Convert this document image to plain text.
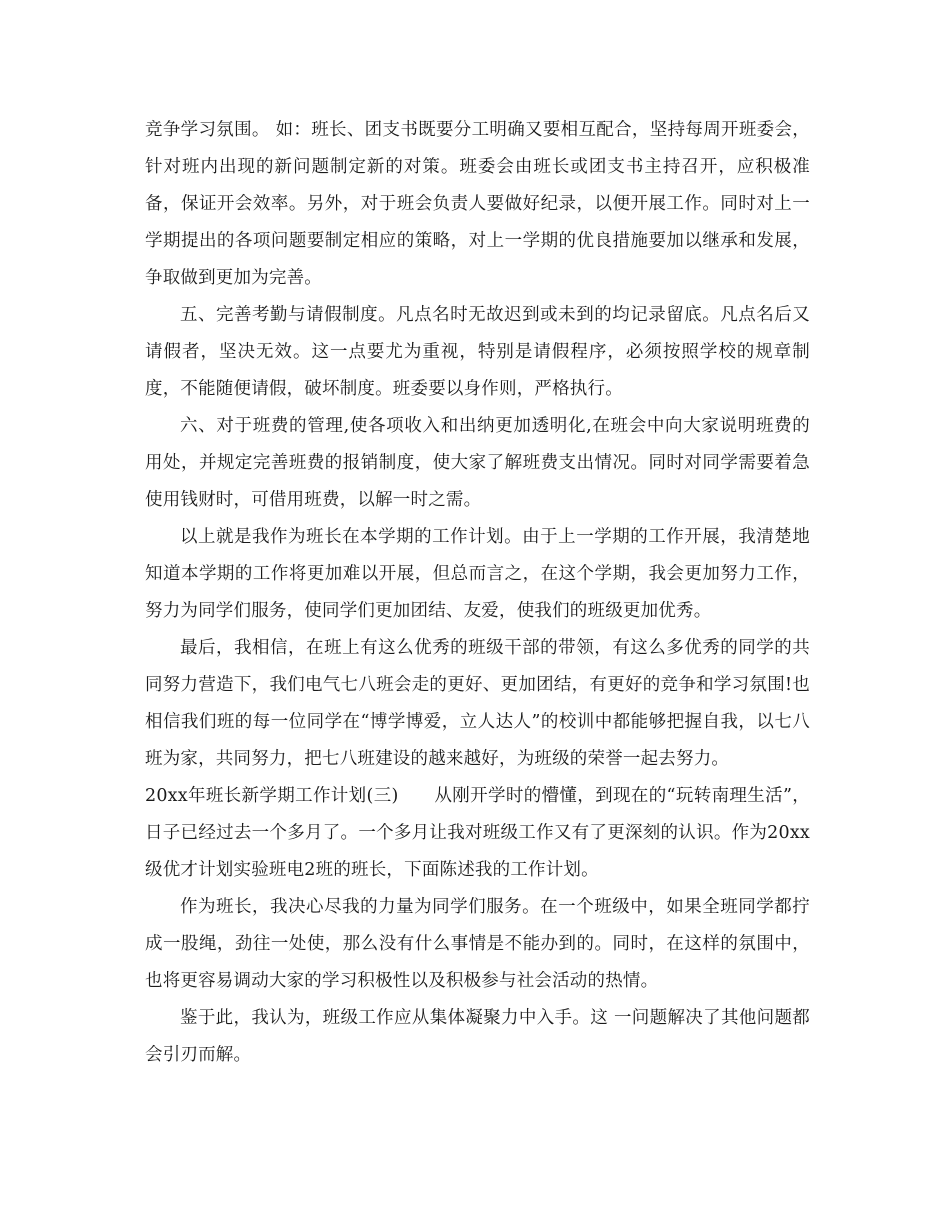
竞争学习氛围。 如：班长、团支书既要分工明确又要相互配合，坚持每周开班委会，针对班内出现的新问题制定新的对策。班委会由班长或团支书主持召开，应积极准备，保证开会效率。另外，对于班会负责人要做好纪录，以便开展工作。同时对上一学期提出的各项问题要制定相应的策略，对上一学期的优良措施要加以继承和发展，争取做到更加为完善。

五、完善考勤与请假制度。凡点名时无故迟到或未到的均记录留底。凡点名后又请假者，坚决无效。这一点要尤为重视，特别是请假程序，必须按照学校的规章制度，不能随便请假，破坏制度。班委要以身作则，严格执行。

六、对于班费的管理,使各项收入和出纳更加透明化,在班会中向大家说明班费的用处，并规定完善班费的报销制度，使大家了解班费支出情况。同时对同学需要着急使用钱财时，可借用班费，以解一时之需。

以上就是我作为班长在本学期的工作计划。由于上一学期的工作开展，我清楚地知道本学期的工作将更加难以开展，但总而言之，在这个学期，我会更加努力工作，努力为同学们服务，使同学们更加团结、友爱，使我们的班级更加优秀。

最后，我相信，在班上有这么优秀的班级干部的带领，有这么多优秀的同学的共同努力营造下，我们电气七八班会走的更好、更加团结，有更好的竞争和学习氛围!也相信我们班的每一位同学在“博学博爱，立人达人”的校训中都能够把握自我，以七八班为家，共同努力，把七八班建设的越来越好，为班级的荣誉一起去努力。

20xx年班长新学期工作计划(三)　　从刚开学时的懵懂，到现在的“玩转南理生活”，日子已经过去一个多月了。一个多月让我对班级工作又有了更深刻的认识。作为20xx级优才计划实验班电2班的班长，下面陈述我的工作计划。

作为班长，我决心尽我的力量为同学们服务。在一个班级中，如果全班同学都拧成一股绳，劲往一处使，那么没有什么事情是不能办到的。同时，在这样的氛围中，也将更容易调动大家的学习积极性以及积极参与社会活动的热情。

鉴于此，我认为，班级工作应从集体凝聚力中入手。这 一问题解决了其他问题都会引刃而解。
